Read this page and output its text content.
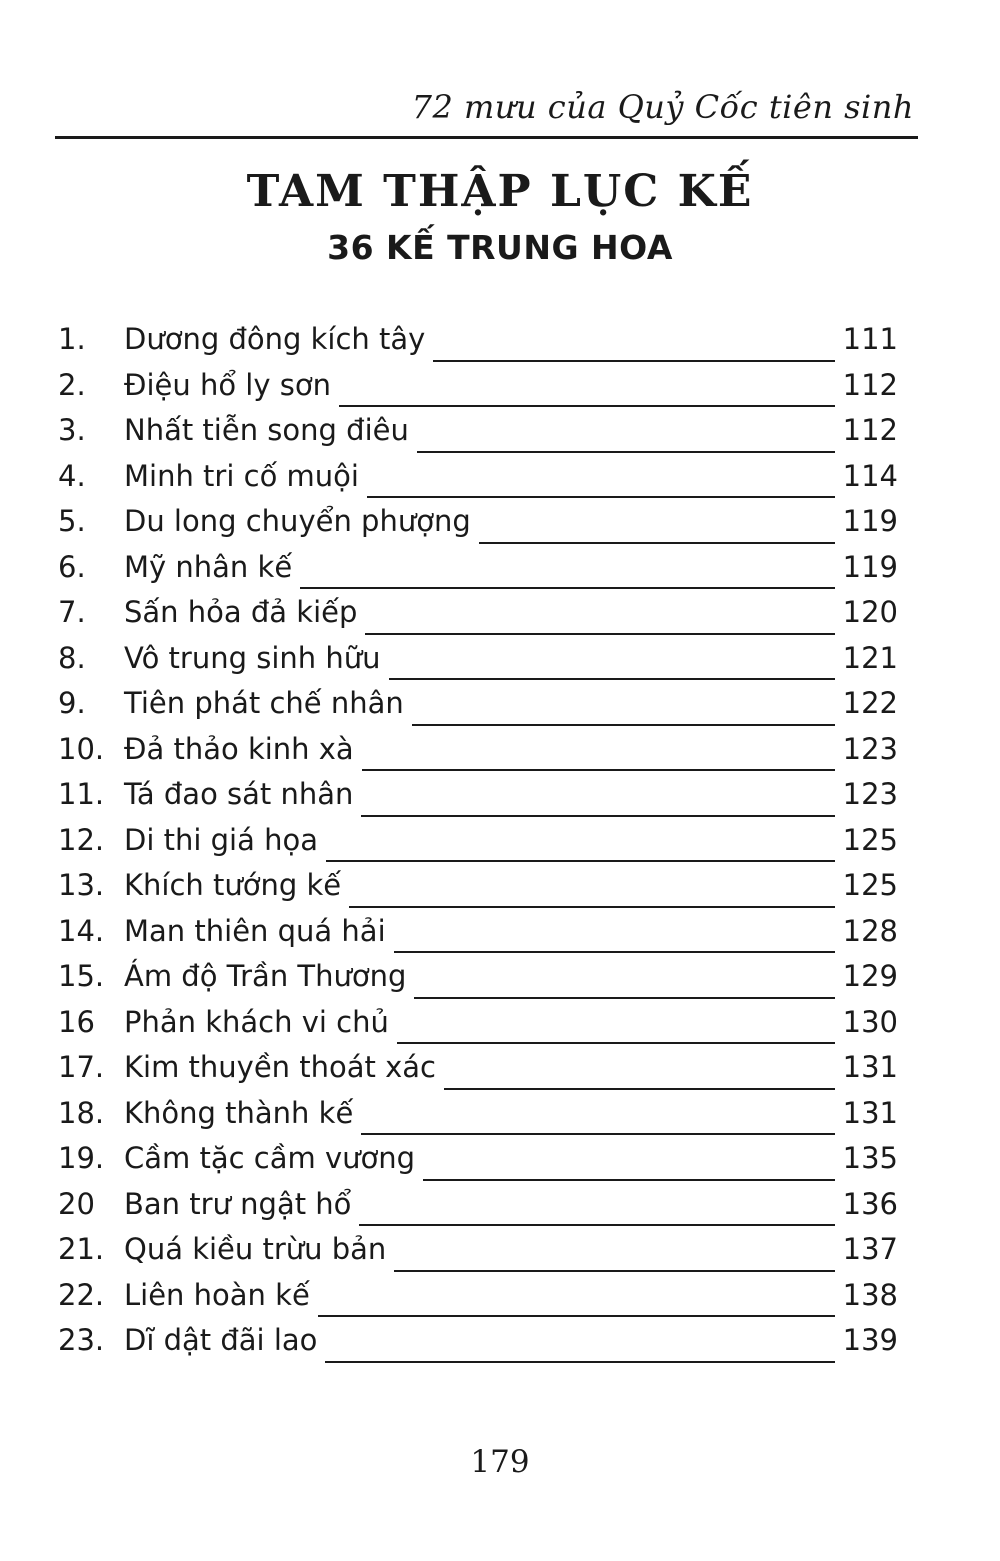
72 mưu của Quỷ Cốc tiên sinh
TAM THẬP LỤC KẾ
36 KẾ TRUNG HOA
1.	Dương đông kích tây	111
2.	Điệu hổ ly sơn	112
3.	Nhất tiễn song điêu	112
4.	Minh tri cố muội	114
5.	Du long chuyển phượng	119
6.	Mỹ nhân kế	119
7.	Sấn hỏa đả kiếp	120
8.	Vô trung sinh hữu	121
9.	Tiên phát chế nhân	122
10. Đả thảo kinh xà	123
11. Tá đao sát nhân	123
12. Di thi giá họa	125
13. Khích tướng kế	125
14. Man thiên quá hải	128
15. Ám độ Trần Thương	129
16	Phản khách vi chủ	130
17. Kim thuyền thoát xác	131
18. Không thành kế	131
19. Cầm tặc cầm vương	135
20	Ban trư ngật hổ	136
21. Quá kiều trừu bản	137
22. Liên hoàn kế	138
23. Dĩ dật đãi lao	139
179
